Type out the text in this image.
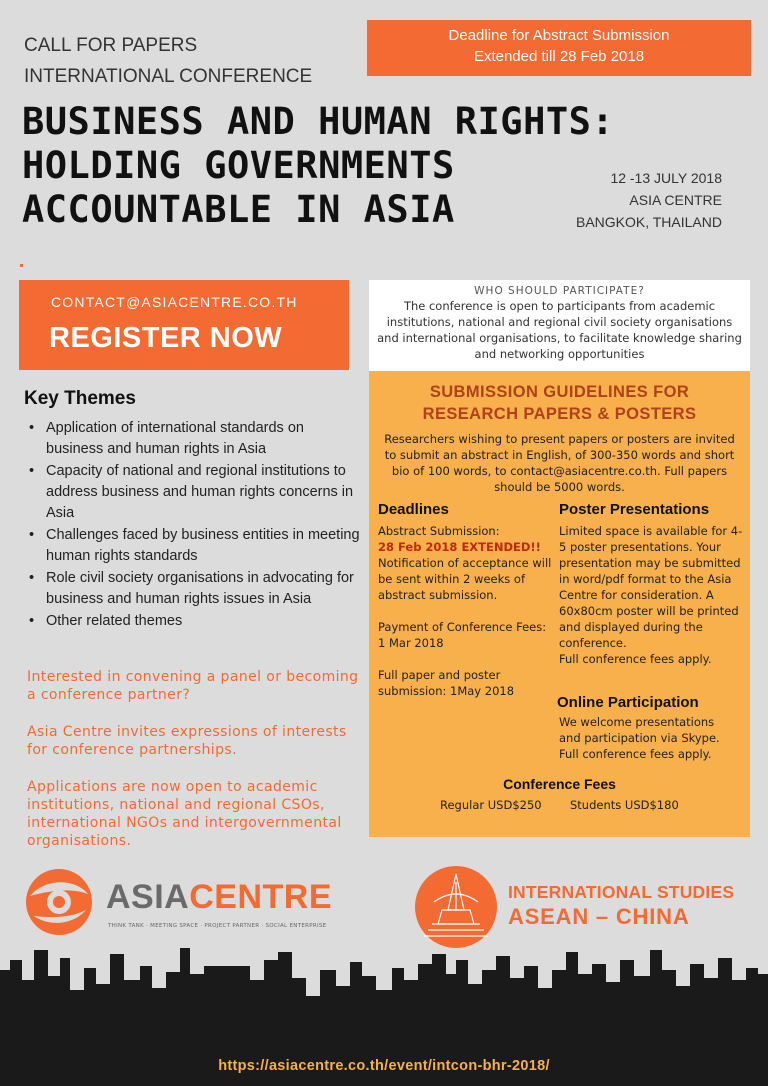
CALL FOR PAPERS
INTERNATIONAL CONFERENCE
Deadline for Abstract Submission
Extended till 28 Feb 2018
BUSINESS AND HUMAN RIGHTS:
HOLDING GOVERNMENTS
ACCOUNTABLE IN ASIA
12 -13 JULY 2018
ASIA CENTRE
BANGKOK, THAILAND
CONTACT@ASIACENTRE.CO.TH
REGISTER NOW
WHO SHOULD PARTICIPATE?
The conference is open to participants from academic institutions, national and regional civil society organisations and international organisations, to facilitate knowledge sharing and networking opportunities
Key Themes
• Application of international standards on business and human rights in Asia
• Capacity of national and regional institutions to address business and human rights concerns in Asia
• Challenges faced by business entities in meeting human rights standards
• Role civil society organisations in advocating for business and human rights issues in Asia
• Other related themes

Interested in convening a panel or becoming a conference partner?

Asia Centre invites expressions of interests for conference partnerships.

Applications are now open to academic institutions, national and regional CSOs, international NGOs and intergovernmental organisations.

SUBMISSION GUIDELINES FOR
RESEARCH PAPERS & POSTERS
Researchers wishing to present papers or posters are invited to submit an abstract in English, of 300-350 words and short bio of 100 words, to contact@asiacentre.co.th. Full papers should be 5000 words.
Deadlines
Abstract Submission:
28 Feb 2018 EXTENDED!!
Notification of acceptance will be sent within 2 weeks of abstract submission.
Payment of Conference Fees: 1 Mar 2018
Full paper and poster submission: 1May 2018
Poster Presentations
Limited space is available for 4-5 poster presentations. Your presentation may be submitted in word/pdf format to the Asia Centre for consideration. A 60x80cm poster will be printed and displayed during the conference.
Full conference fees apply.
Online Participation
We welcome presentations and participation via Skype.
Full conference fees apply.
Conference Fees
Regular USD$250 Students USD$180
ASIACENTRE
THINK TANK · MEETING SPACE · PROJECT PARTNER · SOCIAL ENTERPRISE
INTERNATIONAL STUDIES
ASEAN – CHINA
https://asiacentre.co.th/event/intcon-bhr-2018/
